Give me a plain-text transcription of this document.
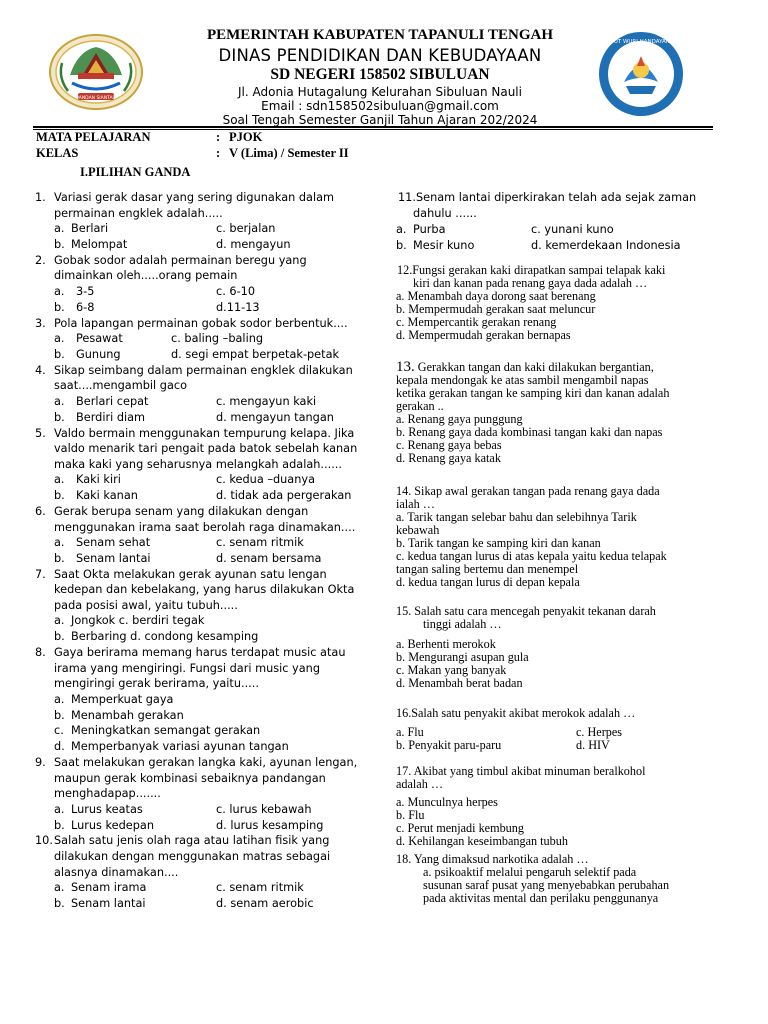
PANDAN SIANTAR
TUT WURI HANDAYANI
PEMERINTAH KABUPATEN TAPANULI TENGAH
DINAS PENDIDIKAN DAN KEBUDAYAAN
SD NEGERI 158502 SIBULUAN
Jl. Adonia Hutagalung Kelurahan Sibuluan Nauli
Email : sdn158502sibuluan@gmail.com
Soal Tengah Semester Ganjil Tahun Ajaran 202/2024
MATA PELAJARAN	: PJOK
KELAS	: V (Lima) / Semester II
I.PILIHAN GANDA
1. Variasi gerak dasar yang sering digunakan dalam
permainan engklek adalah.....
a. Berlari	c. berjalan
b. Melompat	d. mengayun
2. Gobak sodor adalah permainan beregu yang
dimainkan oleh.....orang pemain
a. 3-5	c. 6-10
b. 6-8	d.11-13
3. Pola lapangan permainan gobak sodor berbentuk....
a. Pesawat	c. baling –baling
b. Gunung	d. segi empat berpetak-petak
4. Sikap seimbang dalam permainan engklek dilakukan
saat....mengambil gaco
a. Berlari cepat	c. mengayun kaki
b. Berdiri diam	d. mengayun tangan
5. Valdo bermain menggunakan tempurung kelapa. Jika
valdo menarik tari pengait pada batok sebelah kanan
maka kaki yang seharusnya melangkah adalah......
a. Kaki kiri	c. kedua –duanya
b. Kaki kanan	d. tidak ada pergerakan
6. Gerak berupa senam yang dilakukan dengan
menggunakan irama saat berolah raga dinamakan....
a. Senam sehat	c. senam ritmik
b. Senam lantai	d. senam bersama
7. Saat Okta melakukan gerak ayunan satu lengan
kedepan dan kebelakang, yang harus dilakukan Okta
pada posisi awal, yaitu tubuh.....
a. Jongkok c. berdiri tegak
b. Berbaring d. condong kesamping
8. Gaya berirama memang harus terdapat music atau
irama yang mengiringi. Fungsi dari music yang
mengiringi gerak berirama, yaitu.....
a. Memperkuat gaya
b. Menambah gerakan
c. Meningkatkan semangat gerakan
d. Memperbanyak variasi ayunan tangan
9. Saat melakukan gerakan langka kaki, ayunan lengan,
maupun gerak kombinasi sebaiknya pandangan
menghadapap.......
a. Lurus keatas	c. lurus kebawah
b. Lurus kedepan	d. lurus kesamping
10. Salah satu jenis olah raga atau latihan fisik yang
dilakukan dengan menggunakan matras sebagai
alasnya dinamakan....
a. Senam irama	c. senam ritmik
b. Senam lantai	d. senam aerobic
11.Senam lantai diperkirakan telah ada sejak zaman
dahulu ......
a. Purba	c. yunani kuno
b. Mesir kuno	d. kemerdekaan Indonesia
12.Fungsi gerakan kaki dirapatkan sampai telapak kaki
kiri dan kanan pada renang gaya dada adalah …
a. Menambah daya dorong saat berenang
b. Mempermudah gerakan saat meluncur
c. Mempercantik gerakan renang
d. Mempermudah gerakan bernapas
13. Gerakkan tangan dan kaki dilakukan bergantian,
kepala mendongak ke atas sambil mengambil napas
ketika gerakan tangan ke samping kiri dan kanan adalah
gerakan ..
a. Renang gaya punggung
b. Renang gaya dada kombinasi tangan kaki dan napas
c. Renang gaya bebas
d. Renang gaya katak
14. Sikap awal gerakan tangan pada renang gaya dada
ialah …
a. Tarik tangan selebar bahu dan selebihnya Tarik
kebawah
b. Tarik tangan ke samping kiri dan kanan
c. kedua tangan lurus di atas kepala yaitu kedua telapak
tangan saling bertemu dan menempel
d. kedua tangan lurus di depan kepala
15. Salah satu cara mencegah penyakit tekanan darah
tinggi adalah …
a. Berhenti merokok
b. Mengurangi asupan gula
c. Makan yang banyak
d. Menambah berat badan
16.Salah satu penyakit akibat merokok adalah …
a. Flu	c. Herpes
b. Penyakit paru-paru	d. HIV
17. Akibat yang timbul akibat minuman beralkohol
adalah …
a. Munculnya herpes
b. Flu
c. Perut menjadi kembung
d. Kehilangan keseimbangan tubuh
18. Yang dimaksud narkotika adalah …
a. psikoaktif melalui pengaruh selektif pada
susunan saraf pusat yang menyebabkan perubahan
pada aktivitas mental dan perilaku penggunanya
